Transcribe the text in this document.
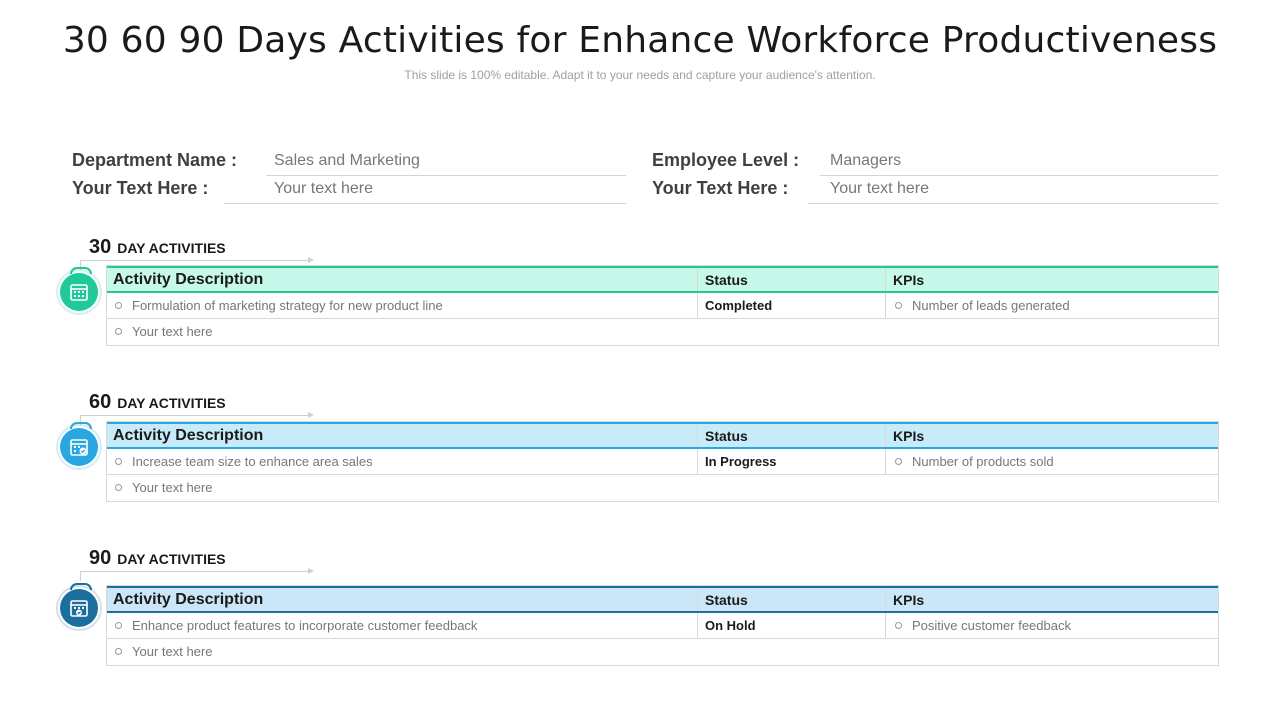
30 60 90 Days Activities for Enhance Workforce Productiveness
This slide is 100% editable. Adapt it to your needs and capture your audience's attention.
Department Name :	Sales and Marketing
Your Text Here :	Your text here
Employee Level :	Managers
Your Text Here :	Your text here
30 DAY ACTIVITIES
Activity Description	Status	KPIs
Formulation of marketing strategy for new product line	Completed	Number of leads generated
Your text here
60 DAY ACTIVITIES
Activity Description	Status	KPIs
Increase team size to enhance area sales	In Progress	Number of products sold
Your text here
90 DAY ACTIVITIES
Activity Description	Status	KPIs
Enhance product features to incorporate customer feedback	On Hold	Positive customer feedback
Your text here
